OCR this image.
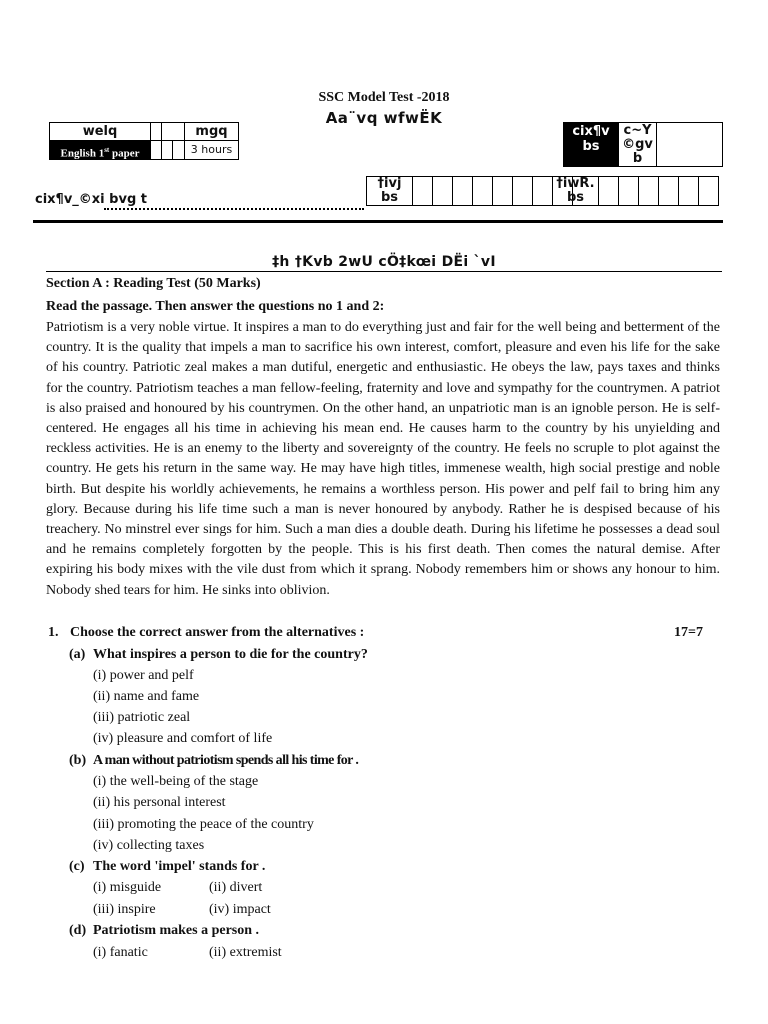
SSC Model Test -2018
Aa¨vq wfwËK
welq	mgq
English 1st paper	3 hours
cix¶v bs
c~Y ©gv b
cix¶v_©xi bvg t
†ivj bs
†iwR. bs
‡h †Kvb 2wU cÖ‡kœi DËi `vI
Section A : Reading Test (50 Marks)
Read the passage. Then answer the questions no 1 and 2:
Patriotism is a very noble virtue. It inspires a man to do everything just and fair for the well being and betterment of the country. It is the quality that impels a man to sacrifice his own interest, comfort, pleasure and even his life for the sake of his country. Patriotic zeal makes a man dutiful, energetic and enthusiastic. He obeys the law, pays taxes and thinks for the country. Patriotism teaches a man fellow-feeling, fraternity and love and sympathy for the countrymen. A patriot is also praised and honoured by his countrymen. On the other hand, an unpatriotic man is an ignoble person. He is self-centered. He engages all his time in achieving his mean end. He causes harm to the country by his unyielding and reckless activities. He is an enemy to the liberty and sovereignty of the country. He feels no scruple to plot against the country. He gets his return in the same way. He may have high titles, immenese wealth, high social prestige and noble birth. But despite his worldly achievements, he remains a worthless person. His power and pelf fail to bring him any glory. Because during his life time such a man is never honoured by anybody. Rather he is despised because of his treachery. No minstrel ever sings for him. Such a man dies a double death. During his lifetime he possesses a dead soul and he remains completely forgotten by the people. This is his first death. Then comes the natural demise. After expiring his body mixes with the vile dust from which it sprang. Nobody remembers him or shows any honour to him. Nobody shed tears for him. He sinks into oblivion.
1. Choose the correct answer from the alternatives :	17=7
(a) What inspires a person to die for the country?
(i) power and pelf
(ii) name and fame
(iii) patriotic zeal
(iv) pleasure and comfort of life
(b) A man without patriotism spends all his time for .
(i) the well-being of the stage
(ii) his personal interest
(iii) promoting the peace of the country
(iv) collecting taxes
(c) The word 'impel' stands for .
(i) misguide	(ii) divert
(iii) inspire	(iv) impact
(d) Patriotism makes a person .
(i) fanatic	(ii) extremist
